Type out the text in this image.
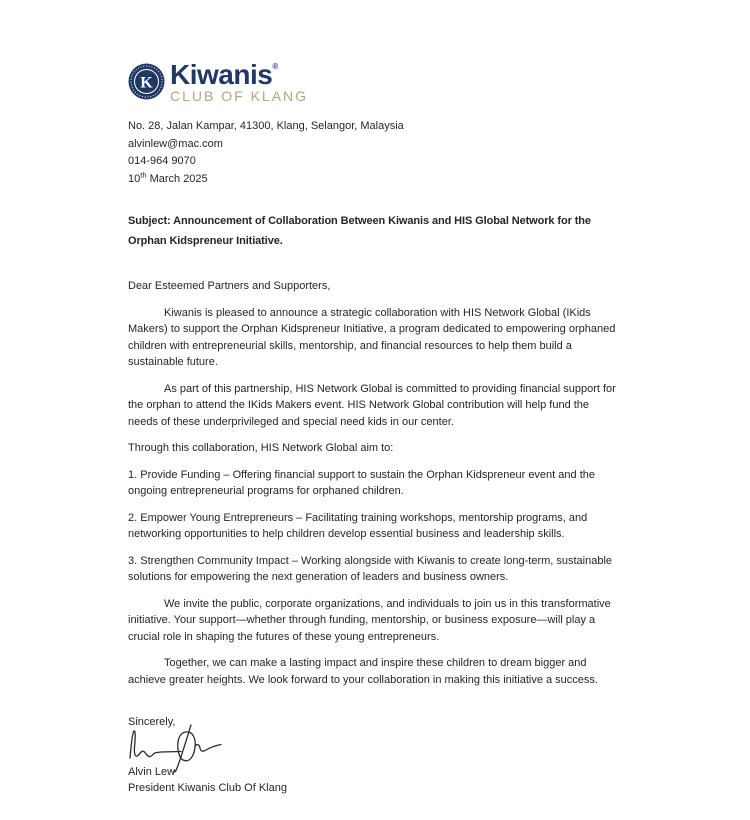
K Kiwanis®
CLUB OF KLANG
No. 28, Jalan Kampar, 41300, Klang, Selangor, Malaysia
alvinlew@mac.com
014-964 9070
10th March 2025

Subject: Announcement of Collaboration Between Kiwanis and HIS Global Network for the Orphan Kidspreneur Initiative.

Dear Esteemed Partners and Supporters,

Kiwanis is pleased to announce a strategic collaboration with HIS Network Global (IKids Makers) to support the Orphan Kidspreneur Initiative, a program dedicated to empowering orphaned children with entrepreneurial skills, mentorship, and financial resources to help them build a sustainable future.

As part of this partnership, HIS Network Global is committed to providing financial support for the orphan to attend the IKids Makers event. HIS Network Global contribution will help fund the needs of these underprivileged and special need kids in our center.

Through this collaboration, HIS Network Global aim to:

1. Provide Funding – Offering financial support to sustain the Orphan Kidspreneur event and the ongoing entrepreneurial programs for orphaned children.

2. Empower Young Entrepreneurs – Facilitating training workshops, mentorship programs, and networking opportunities to help children develop essential business and leadership skills.

3. Strengthen Community Impact – Working alongside with Kiwanis to create long-term, sustainable solutions for empowering the next generation of leaders and business owners.

We invite the public, corporate organizations, and individuals to join us in this transformative initiative. Your support—whether through funding, mentorship, or business exposure—will play a crucial role in shaping the futures of these young entrepreneurs.

Together, we can make a lasting impact and inspire these children to dream bigger and achieve greater heights. We look forward to your collaboration in making this initiative a success.

Sincerely,

Alvin Lew

President Kiwanis Club Of Klang
